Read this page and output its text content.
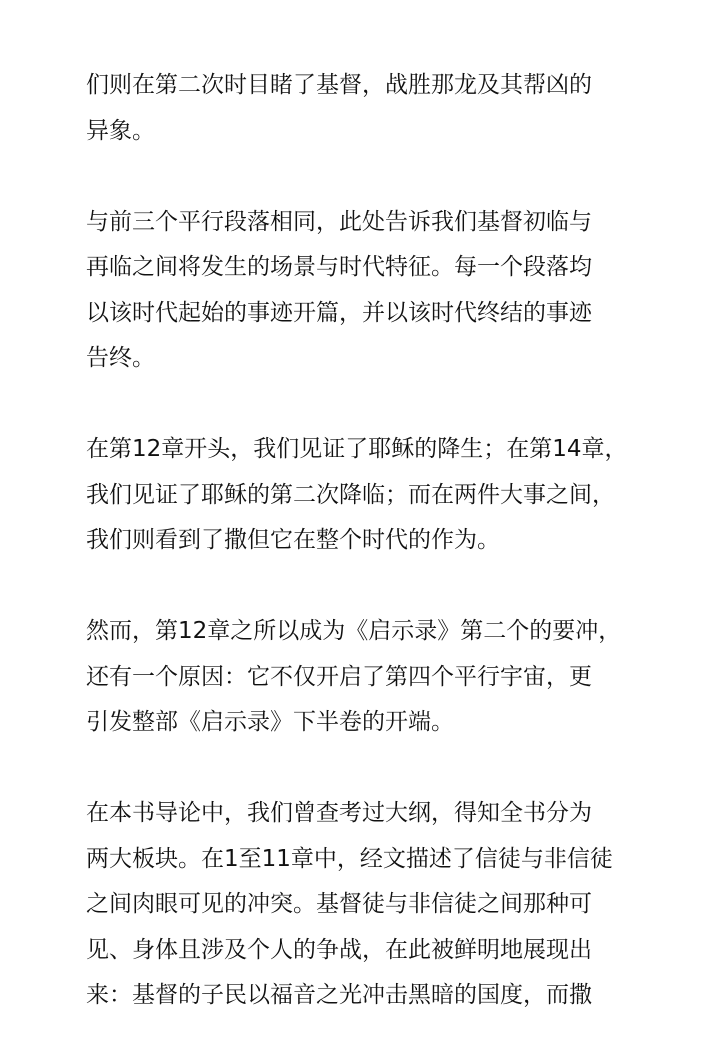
们则在第二次时目睹了基督，战胜那龙及其帮凶的
异象。

与前三个平行段落相同，此处告诉我们基督初临与
再临之间将发生的场景与时代特征。每一个段落均
以该时代起始的事迹开篇，并以该时代终结的事迹
告终。

在第12章开头，我们见证了耶稣的降生；在第14章，
我们见证了耶稣的第二次降临；而在两件大事之间，
我们则看到了撒但它在整个时代的作为。

然而，第12章之所以成为《启示录》第二个的要冲，
还有一个原因：它不仅开启了第四个平行宇宙，更
引发整部《启示录》下半卷的开端。

在本书导论中，我们曾查考过大纲，得知全书分为
两大板块。在1至11章中，经文描述了信徒与非信徒
之间肉眼可见的冲突。基督徒与非信徒之间那种可
见、身体且涉及个人的争战，在此被鲜明地展现出
来：基督的子民以福音之光冲击黑暗的国度，而撒
